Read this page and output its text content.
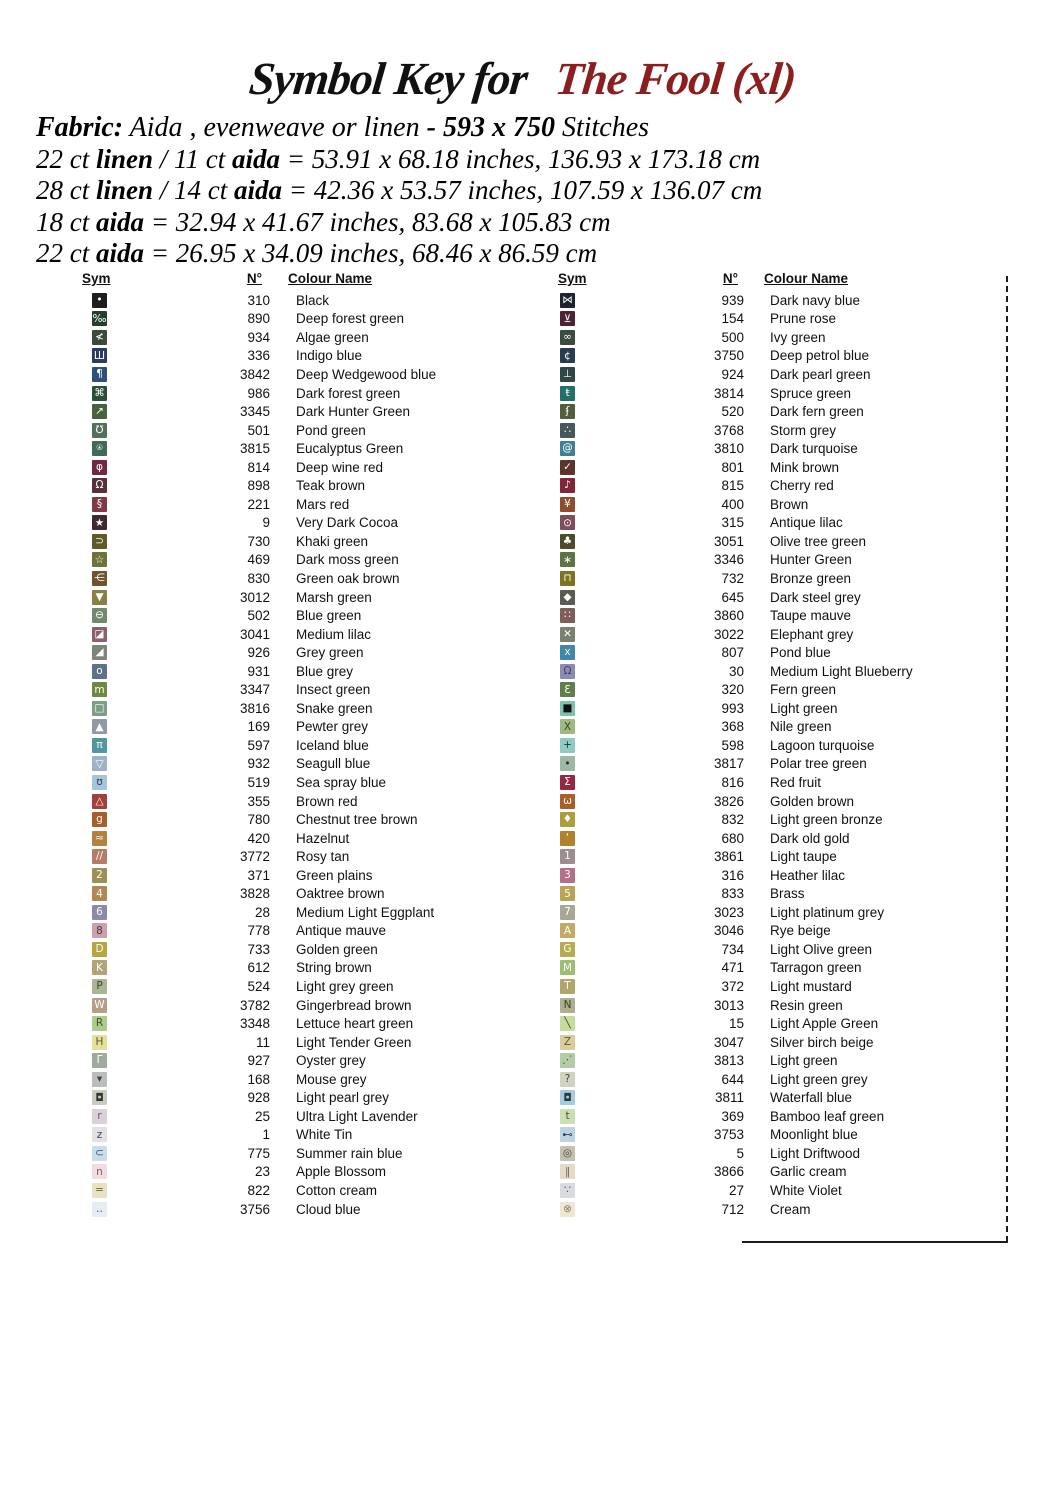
Symbol Key for The Fool (xl)
Fabric: Aida , evenweave or linen - 593 x 750 Stitches
22 ct linen / 11 ct aida = 53.91 x 68.18 inches, 136.93 x 173.18 cm
28 ct linen / 14 ct aida = 42.36 x 53.57 inches, 107.59 x 136.07 cm
18 ct aida = 32.94 x 41.67 inches, 83.68 x 105.83 cm
22 ct aida = 26.95 x 34.09 inches, 68.46 x 86.59 cm
Sym	N° Colour Name
•	310 Black
‰	890 Deep forest green
≮	934 Algae green
Ш	336 Indigo blue
¶	3842 Deep Wedgewood blue
⌘	986 Dark forest green
↗	3345 Dark Hunter Green
℧	501 Pond green
⍟	3815 Eucalyptus Green
φ	814 Deep wine red
Ω	898 Teak brown
§	221 Mars red
★	9 Very Dark Cocoa
⊃	730 Khaki green
☆	469 Dark moss green
⋲	830 Green oak brown
▼	3012 Marsh green
⊖	502 Blue green
◪	3041 Medium lilac
◢	926 Grey green
o	931 Blue grey
m	3347 Insect green
□	3816 Snake green
▲	169 Pewter grey
π	597 Iceland blue
▽	932 Seagull blue
ʊ	519 Sea spray blue
△	355 Brown red
g	780 Chestnut tree brown
≈	420 Hazelnut
//	3772 Rosy tan
2	371 Green plains
4	3828 Oaktree brown
6	28 Medium Light Eggplant
8	778 Antique mauve
D	733 Golden green
K	612 String brown
P	524 Light grey green
W	3782 Gingerbread brown
R	3348 Lettuce heart green
H	11 Light Tender Green
Γ	927 Oyster grey
▾	168 Mouse grey
◘	928 Light pearl grey
r	25 Ultra Light Lavender
z	1 White Tin
⊂	775 Summer rain blue
n	23 Apple Blossom
=	822 Cotton cream
‥	3756 Cloud blue
Sym	N° Colour Name
⋈	939 Dark navy blue
⊻	154 Prune rose
∞	500 Ivy green
¢	3750 Deep petrol blue
⊥	924 Dark pearl green
ŧ	3814 Spruce green
ʄ	520 Dark fern green
∴	3768 Storm grey
@	3810 Dark turquoise
✓	801 Mink brown
♪	815 Cherry red
¥	400 Brown
⊙	315 Antique lilac
♣	3051 Olive tree green
∗	3346 Hunter Green
⊓	732 Bronze green
◆	645 Dark steel grey
∷	3860 Taupe mauve
✕	3022 Elephant grey
x	807 Pond blue
Ω	30 Medium Light Blueberry
Ɛ	320 Fern green
■	993 Light green
X	368 Nile green
+	598 Lagoon turquoise
•	3817 Polar tree green
Σ	816 Red fruit
ω	3826 Golden brown
♦	832 Light green bronze
‘	680 Dark old gold
1	3861 Light taupe
3	316 Heather lilac
5	833 Brass
7	3023 Light platinum grey
A	3046 Rye beige
G	734 Light Olive green
M	471 Tarragon green
T	372 Light mustard
N	3013 Resin green
╲	15 Light Apple Green
Z	3047 Silver birch beige
⋰	3813 Light green
?	644 Light green grey
◘	3811 Waterfall blue
t	369 Bamboo leaf green
⊷	3753 Moonlight blue
◎	5 Light Driftwood
∥	3866 Garlic cream
∵	27 White Violet
⊗	712 Cream
